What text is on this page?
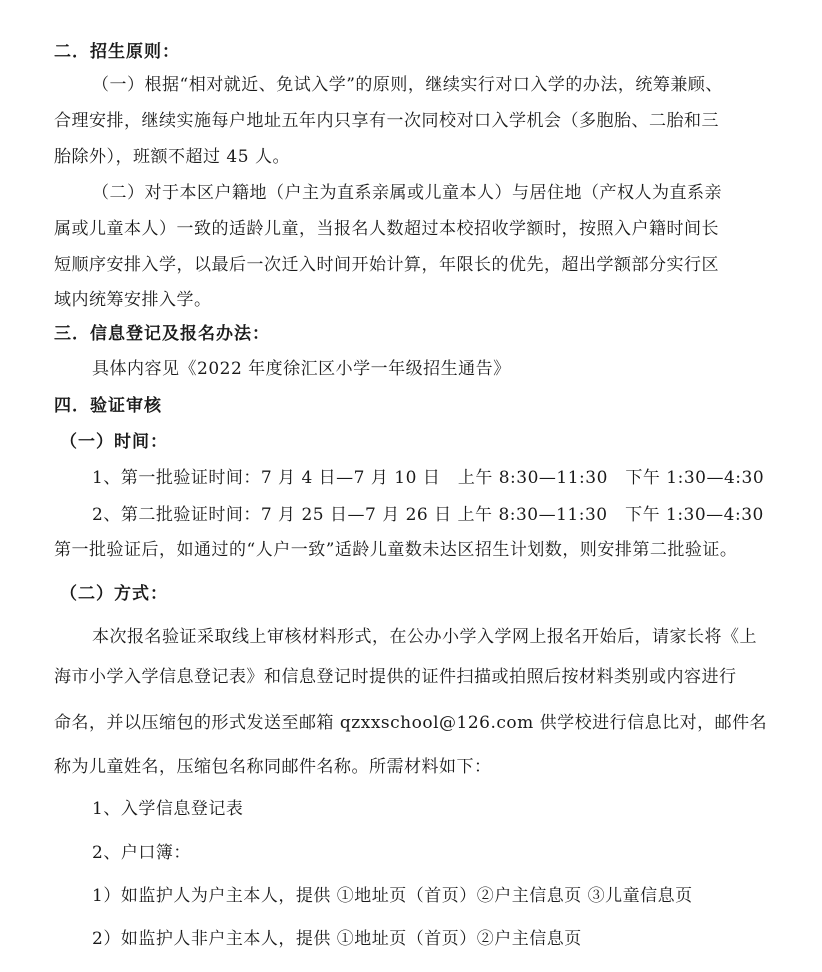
二．招生原则：
（一）根据“相对就近、免试入学”的原则，继续实行对口入学的办法，统筹兼顾、
合理安排，继续实施每户地址五年内只享有一次同校对口入学机会（多胞胎、二胎和三
胎除外），班额不超过 45 人。
（二）对于本区户籍地（户主为直系亲属或儿童本人）与居住地（产权人为直系亲
属或儿童本人）一致的适龄儿童，当报名人数超过本校招收学额时，按照入户籍时间长
短顺序安排入学，以最后一次迁入时间开始计算，年限长的优先，超出学额部分实行区
域内统筹安排入学。
三．信息登记及报名办法：
具体内容见《2022 年度徐汇区小学一年级招生通告》
四．验证审核
（一）时间：
1、第一批验证时间：7 月 4 日—7 月 10 日　上午 8:30—11:30　下午 1:30—4:30
2、第二批验证时间：7 月 25 日—7 月 26 日 上午 8:30—11:30　下午 1:30—4:30
第一批验证后，如通过的“人户一致”适龄儿童数未达区招生计划数，则安排第二批验证。
（二）方式：
本次报名验证采取线上审核材料形式，在公办小学入学网上报名开始后，请家长将《上
海市小学入学信息登记表》和信息登记时提供的证件扫描或拍照后按材料类别或内容进行
命名，并以压缩包的形式发送至邮箱 qzxxschool@126.com 供学校进行信息比对，邮件名
称为儿童姓名，压缩包名称同邮件名称。所需材料如下：
1、入学信息登记表
2、户口簿：
1）如监护人为户主本人，提供 ①地址页（首页）②户主信息页 ③儿童信息页
2）如监护人非户主本人，提供 ①地址页（首页）②户主信息页
